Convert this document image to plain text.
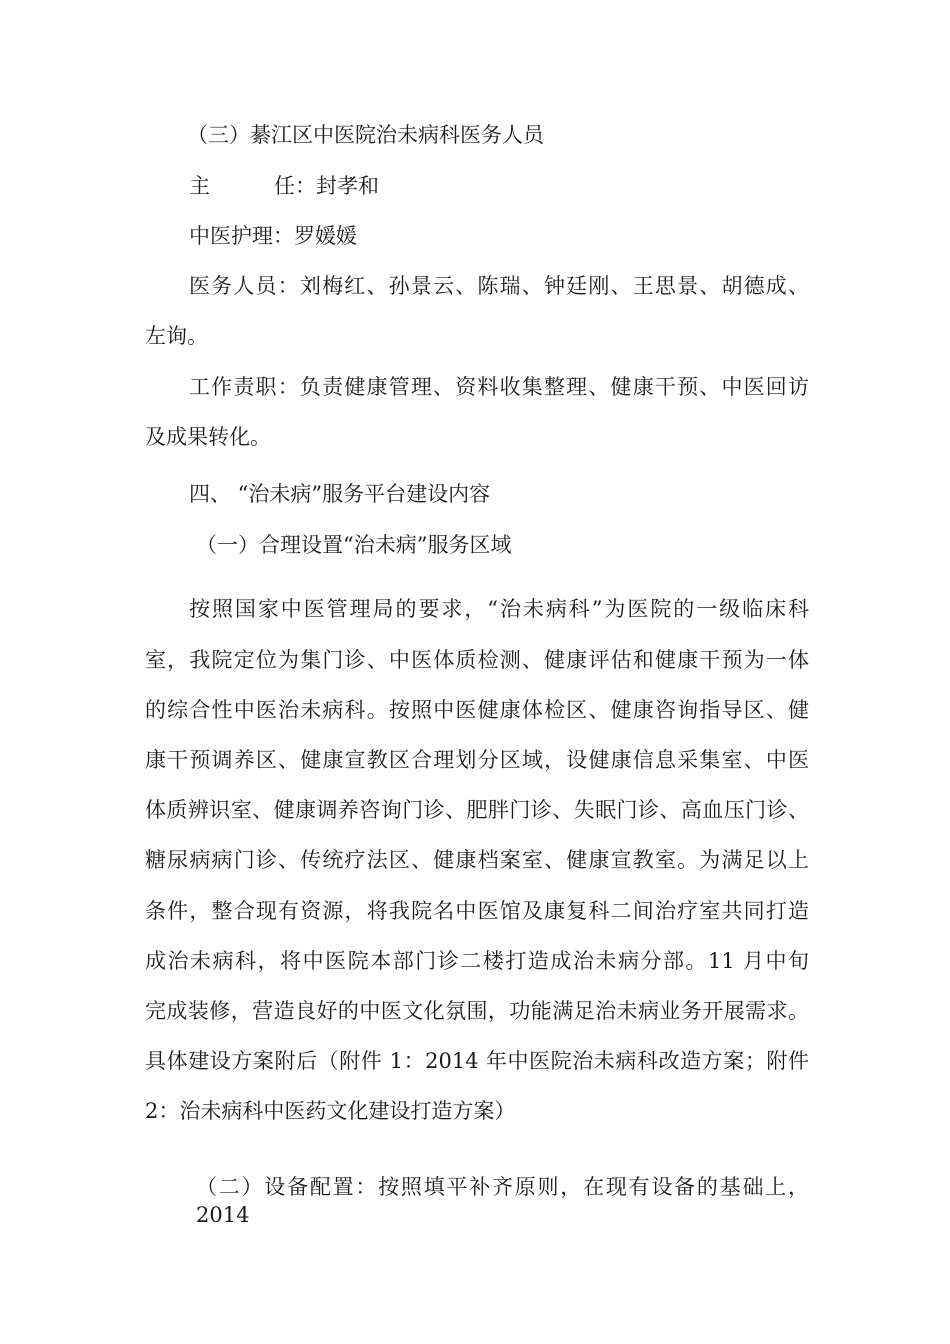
（三）綦江区中医院治未病科医务人员
主	任：封孝和
中医护理：罗媛媛
医务人员：刘梅红、孙景云、陈瑞、钟廷刚、王思景、胡德成、
左询。
工作责职：负责健康管理、资料收集整理、健康干预、中医回访
及成果转化。
四、 “治未病”服务平台建设内容
（一）合理设置“治未病”服务区域
按照国家中医管理局的要求，“治未病科”为医院的一级临床科
室，我院定位为集门诊、中医体质检测、健康评估和健康干预为一体
的综合性中医治未病科。按照中医健康体检区、健康咨询指导区、健
康干预调养区、健康宣教区合理划分区域，设健康信息采集室、中医
体质辨识室、健康调养咨询门诊、肥胖门诊、失眠门诊、高血压门诊、
糖尿病病门诊、传统疗法区、健康档案室、健康宣教室。为满足以上
条件，整合现有资源，将我院名中医馆及康复科二间治疗室共同打造
成治未病科，将中医院本部门诊二楼打造成治未病分部。11 月中旬
完成装修，营造良好的中医文化氛围，功能满足治未病业务开展需求。
具体建设方案附后（附件 1：2014 年中医院治未病科改造方案；附件
2：治未病科中医药文化建设打造方案）
（二）设备配置：按照填平补齐原则，在现有设备的基础上，2014
